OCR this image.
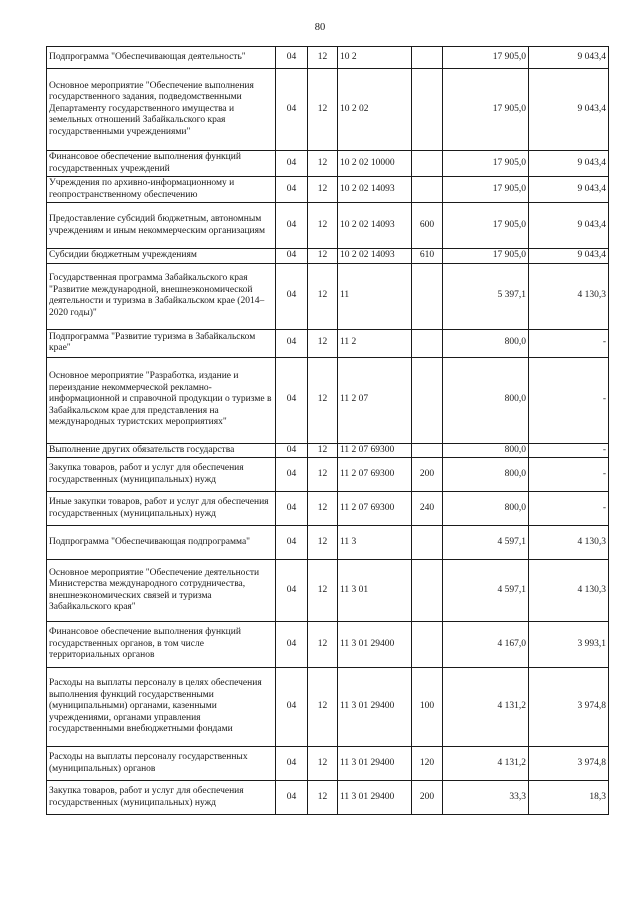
80
Подпрограмма "Обеспечивающая деятельность"	04	12	10 2		17 905,0	9 043,4
Основное мероприятие "Обеспечение выполнения государственного задания, подведомственными Департаменту государственного имущества и земельных отношений Забайкальского края государственными учреждениями"	04	12	10 2 02		17 905,0	9 043,4
Финансовое обеспечение выполнения функций государственных учреждений	04	12	10 2 02 10000		17 905,0	9 043,4
Учреждения по архивно-информационному и геопространственному обеспечению	04	12	10 2 02 14093		17 905,0	9 043,4
Предоставление субсидий бюджетным, автономным учреждениям и иным некоммерческим организациям	04	12	10 2 02 14093	600	17 905,0	9 043,4
Субсидии бюджетным учреждениям	04	12	10 2 02 14093	610	17 905,0	9 043,4
Государственная программа Забайкальского края "Развитие международной, внешнеэкономической деятельности и туризма в Забайкальском крае (2014–2020 годы)"	04	12	11		5 397,1	4 130,3
Подпрограмма "Развитие туризма в Забайкальском крае"	04	12	11 2		800,0	-
Основное мероприятие "Разработка, издание и переиздание некоммерческой рекламно-информационной и справочной продукции о туризме в Забайкальском крае для представления на международных туристских мероприятиях"	04	12	11 2 07		800,0	-
Выполнение других обязательств государства	04	12	11 2 07 69300		800,0	-
Закупка товаров, работ и услуг для обеспечения государственных (муниципальных) нужд	04	12	11 2 07 69300	200	800,0	-
Иные закупки товаров, работ и услуг для обеспечения государственных (муниципальных) нужд	04	12	11 2 07 69300	240	800,0	-
Подпрограмма "Обеспечивающая подпрограмма"	04	12	11 3		4 597,1	4 130,3
Основное мероприятие "Обеспечение деятельности Министерства международного сотрудничества, внешнеэкономических связей и туризма Забайкальского края"	04	12	11 3 01		4 597,1	4 130,3
Финансовое обеспечение выполнения функций государственных органов, в том числе территориальных органов	04	12	11 3 01 29400		4 167,0	3 993,1
Расходы на выплаты персоналу в целях обеспечения выполнения функций государственными (муниципальными) органами, казенными учреждениями, органами управления государственными внебюджетными фондами	04	12	11 3 01 29400	100	4 131,2	3 974,8
Расходы на выплаты персоналу государственных (муниципальных) органов	04	12	11 3 01 29400	120	4 131,2	3 974,8
Закупка товаров, работ и услуг для обеспечения государственных (муниципальных) нужд	04	12	11 3 01 29400	200	33,3	18,3
